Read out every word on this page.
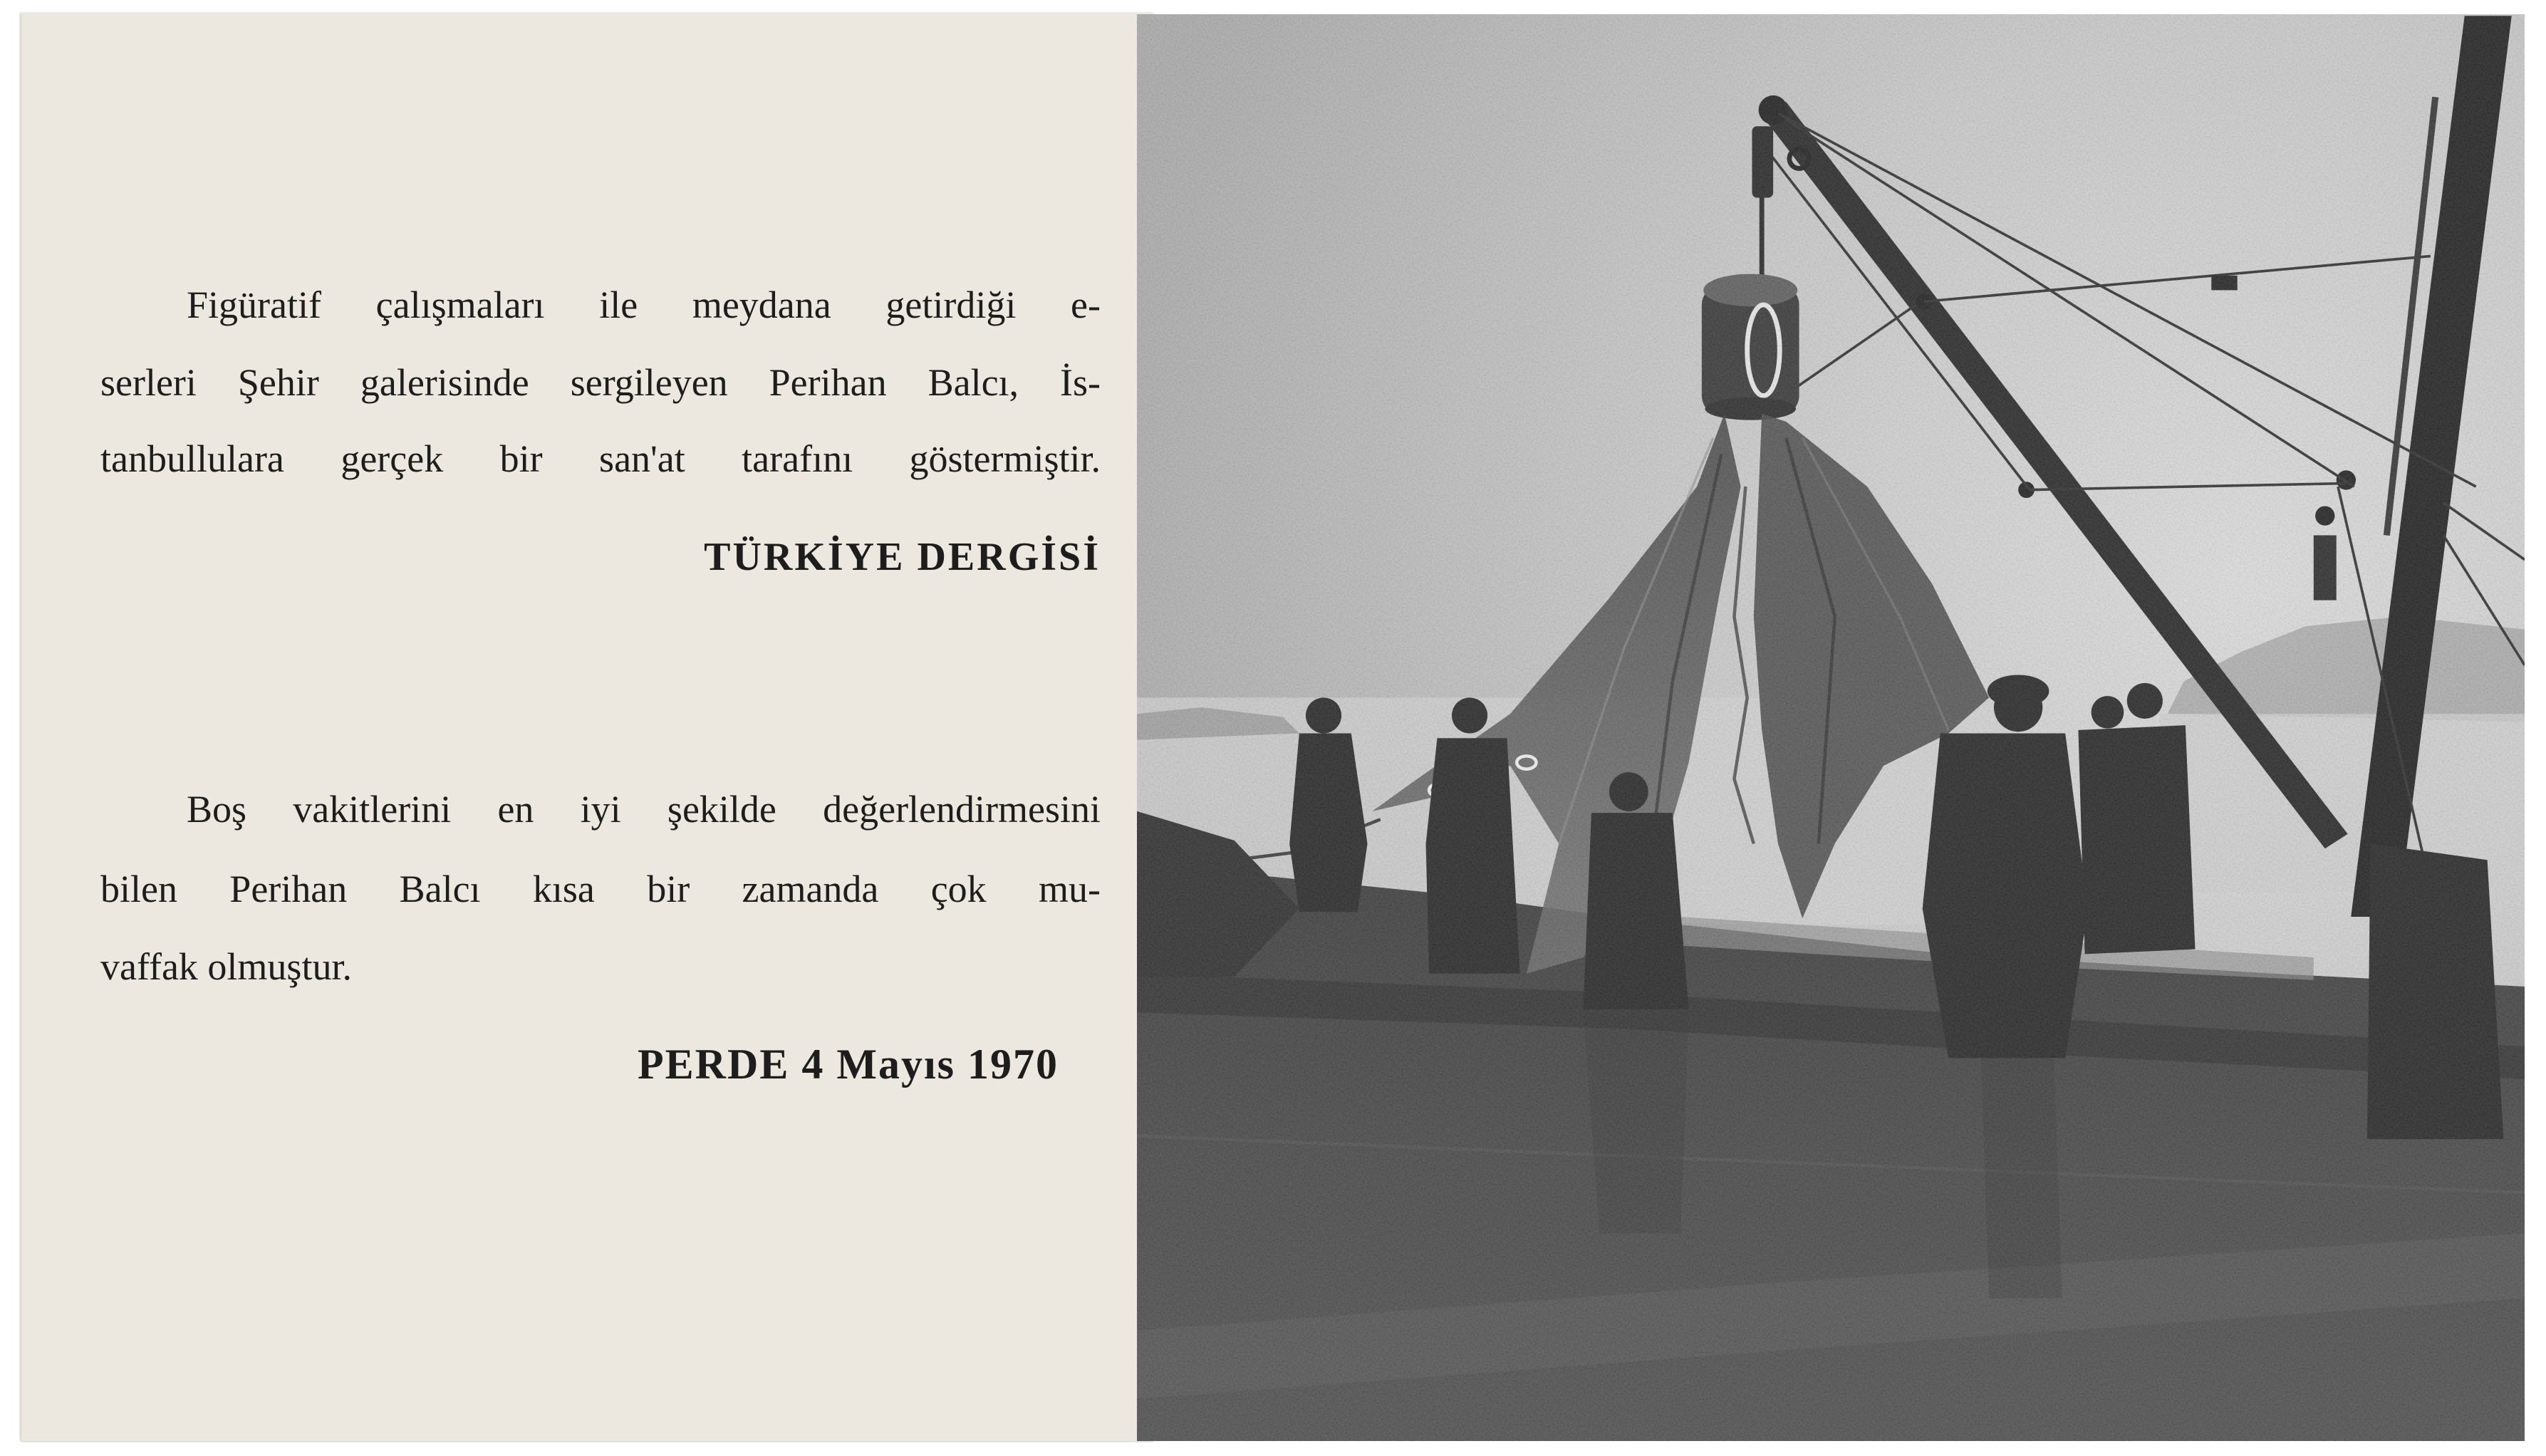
Figüratif çalışmaları ile meydana getirdiği e-
serleri Şehir galerisinde sergileyen Perihan Balcı, İs-
tanbullulara gerçek bir san'at tarafını göstermiştir.
TÜRKİYE DERGİSİ
Boş vakitlerini en iyi şekilde değerlendirmesini
bilen Perihan Balcı kısa bir zamanda çok mu-
vaffak olmuştur.
PERDE 4 Mayıs 1970
